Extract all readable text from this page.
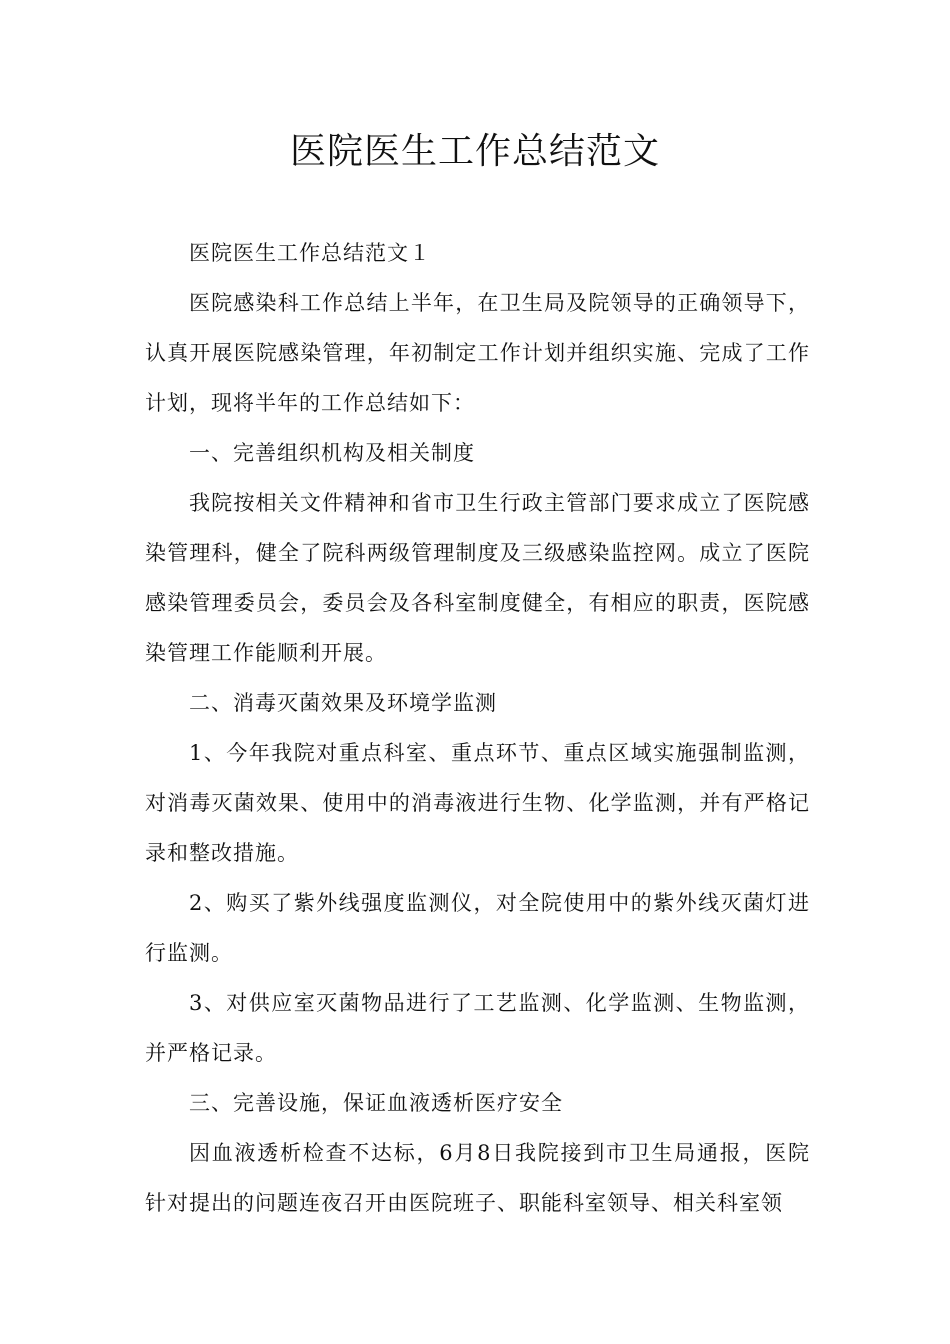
医院医生工作总结范文

医院医生工作总结范文１

医院感染科工作总结上半年，在卫生局及院领导的正确领导下，认真开展医院感染管理，年初制定工作计划并组织实施、完成了工作计划，现将半年的工作总结如下：

一、完善组织机构及相关制度

我院按相关文件精神和省市卫生行政主管部门要求成立了医院感染管理科，健全了院科两级管理制度及三级感染监控网。成立了医院感染管理委员会，委员会及各科室制度健全，有相应的职责，医院感染管理工作能顺利开展。

二、消毒灭菌效果及环境学监测

1、今年我院对重点科室、重点环节、重点区域实施强制监测，对消毒灭菌效果、使用中的消毒液进行生物、化学监测，并有严格记录和整改措施。

2、购买了紫外线强度监测仪，对全院使用中的紫外线灭菌灯进行监测。

3、对供应室灭菌物品进行了工艺监测、化学监测、生物监测，并严格记录。

三、完善设施，保证血液透析医疗安全

因血液透析检查不达标，6月8日我院接到市卫生局通报，医院针对提出的问题连夜召开由医院班子、职能科室领导、相关科室领
